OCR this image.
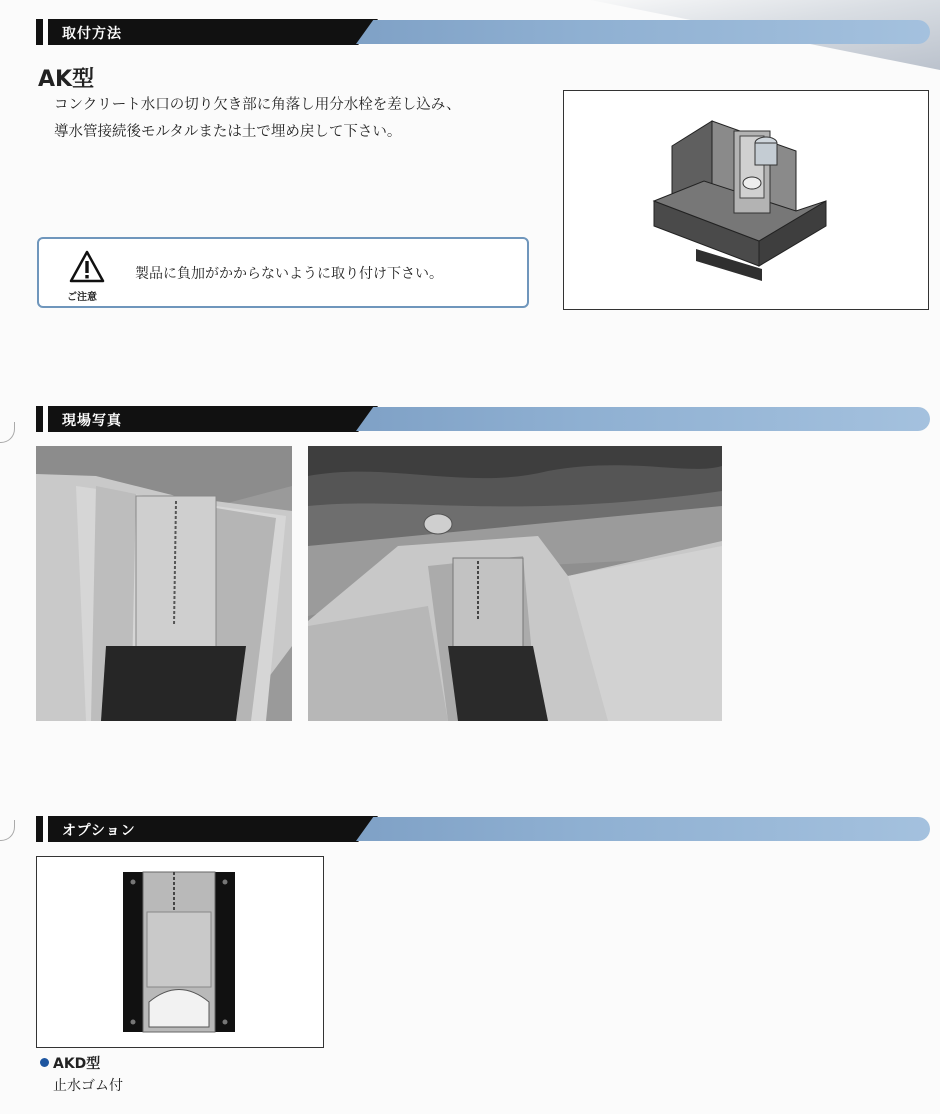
取付方法
AK型
コンクリート水口の切り欠き部に角落し用分水栓を差し込み、
導水管接続後モルタルまたは土で埋め戻して下さい。
ご注意
製品に負加がかからないように取り付け下さい。
現場写真
オプション
AKD型
止水ゴム付
